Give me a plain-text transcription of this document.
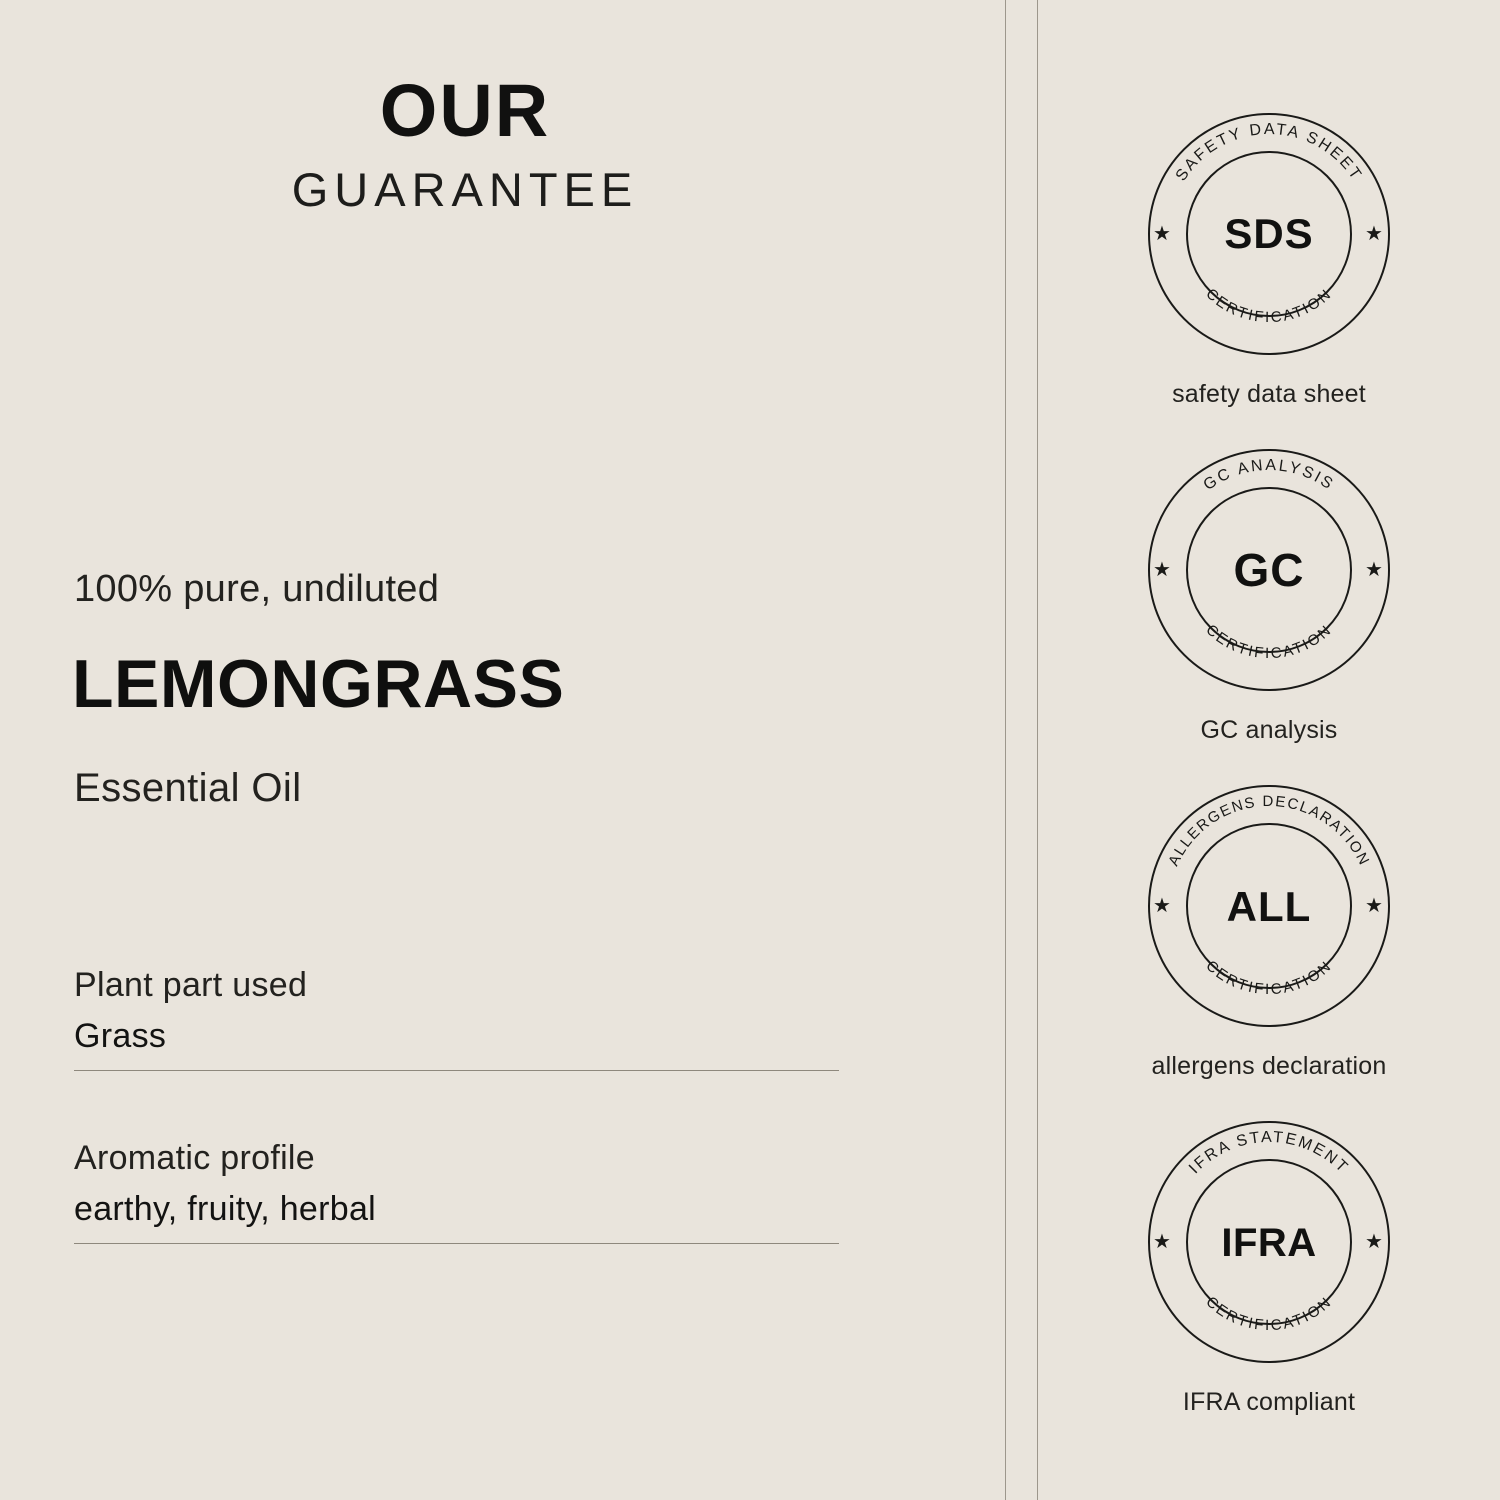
OUR
GUARANTEE
100% pure, undiluted
LEMONGRASS
Essential Oil
Plant part used
Grass
Aromatic profile
earthy, fruity, herbal
SAFETY DATA SHEET
CERTIFICATION
★	★
SDS
safety data sheet
GC ANALYSIS
CERTIFICATION
★	★
GC
GC analysis
ALLERGENS DECLARATION
CERTIFICATION
★	★
ALL
allergens declaration
IFRA STATEMENT
CERTIFICATION
★	★
IFRA
IFRA compliant
